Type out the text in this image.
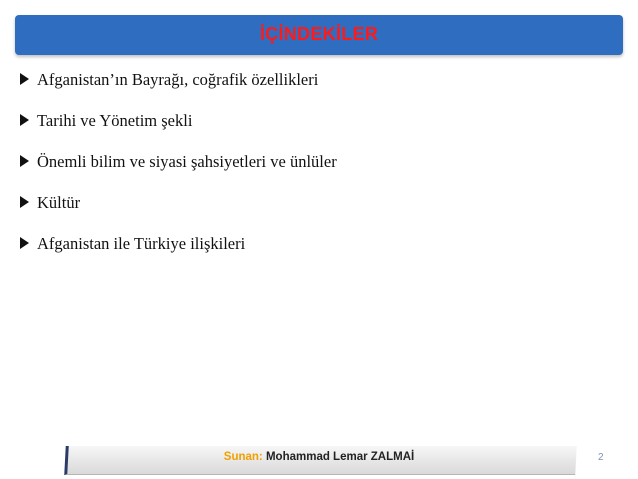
İÇİNDEKİLER
Afganistan’ın Bayrağı, coğrafik özellikleri
Tarihi ve Yönetim şekli
Önemli bilim ve siyasi şahsiyetleri ve ünlüler
Kültür
Afganistan ile Türkiye ilişkileri
Sunan: Mohammad Lemar ZALMAİ	2
